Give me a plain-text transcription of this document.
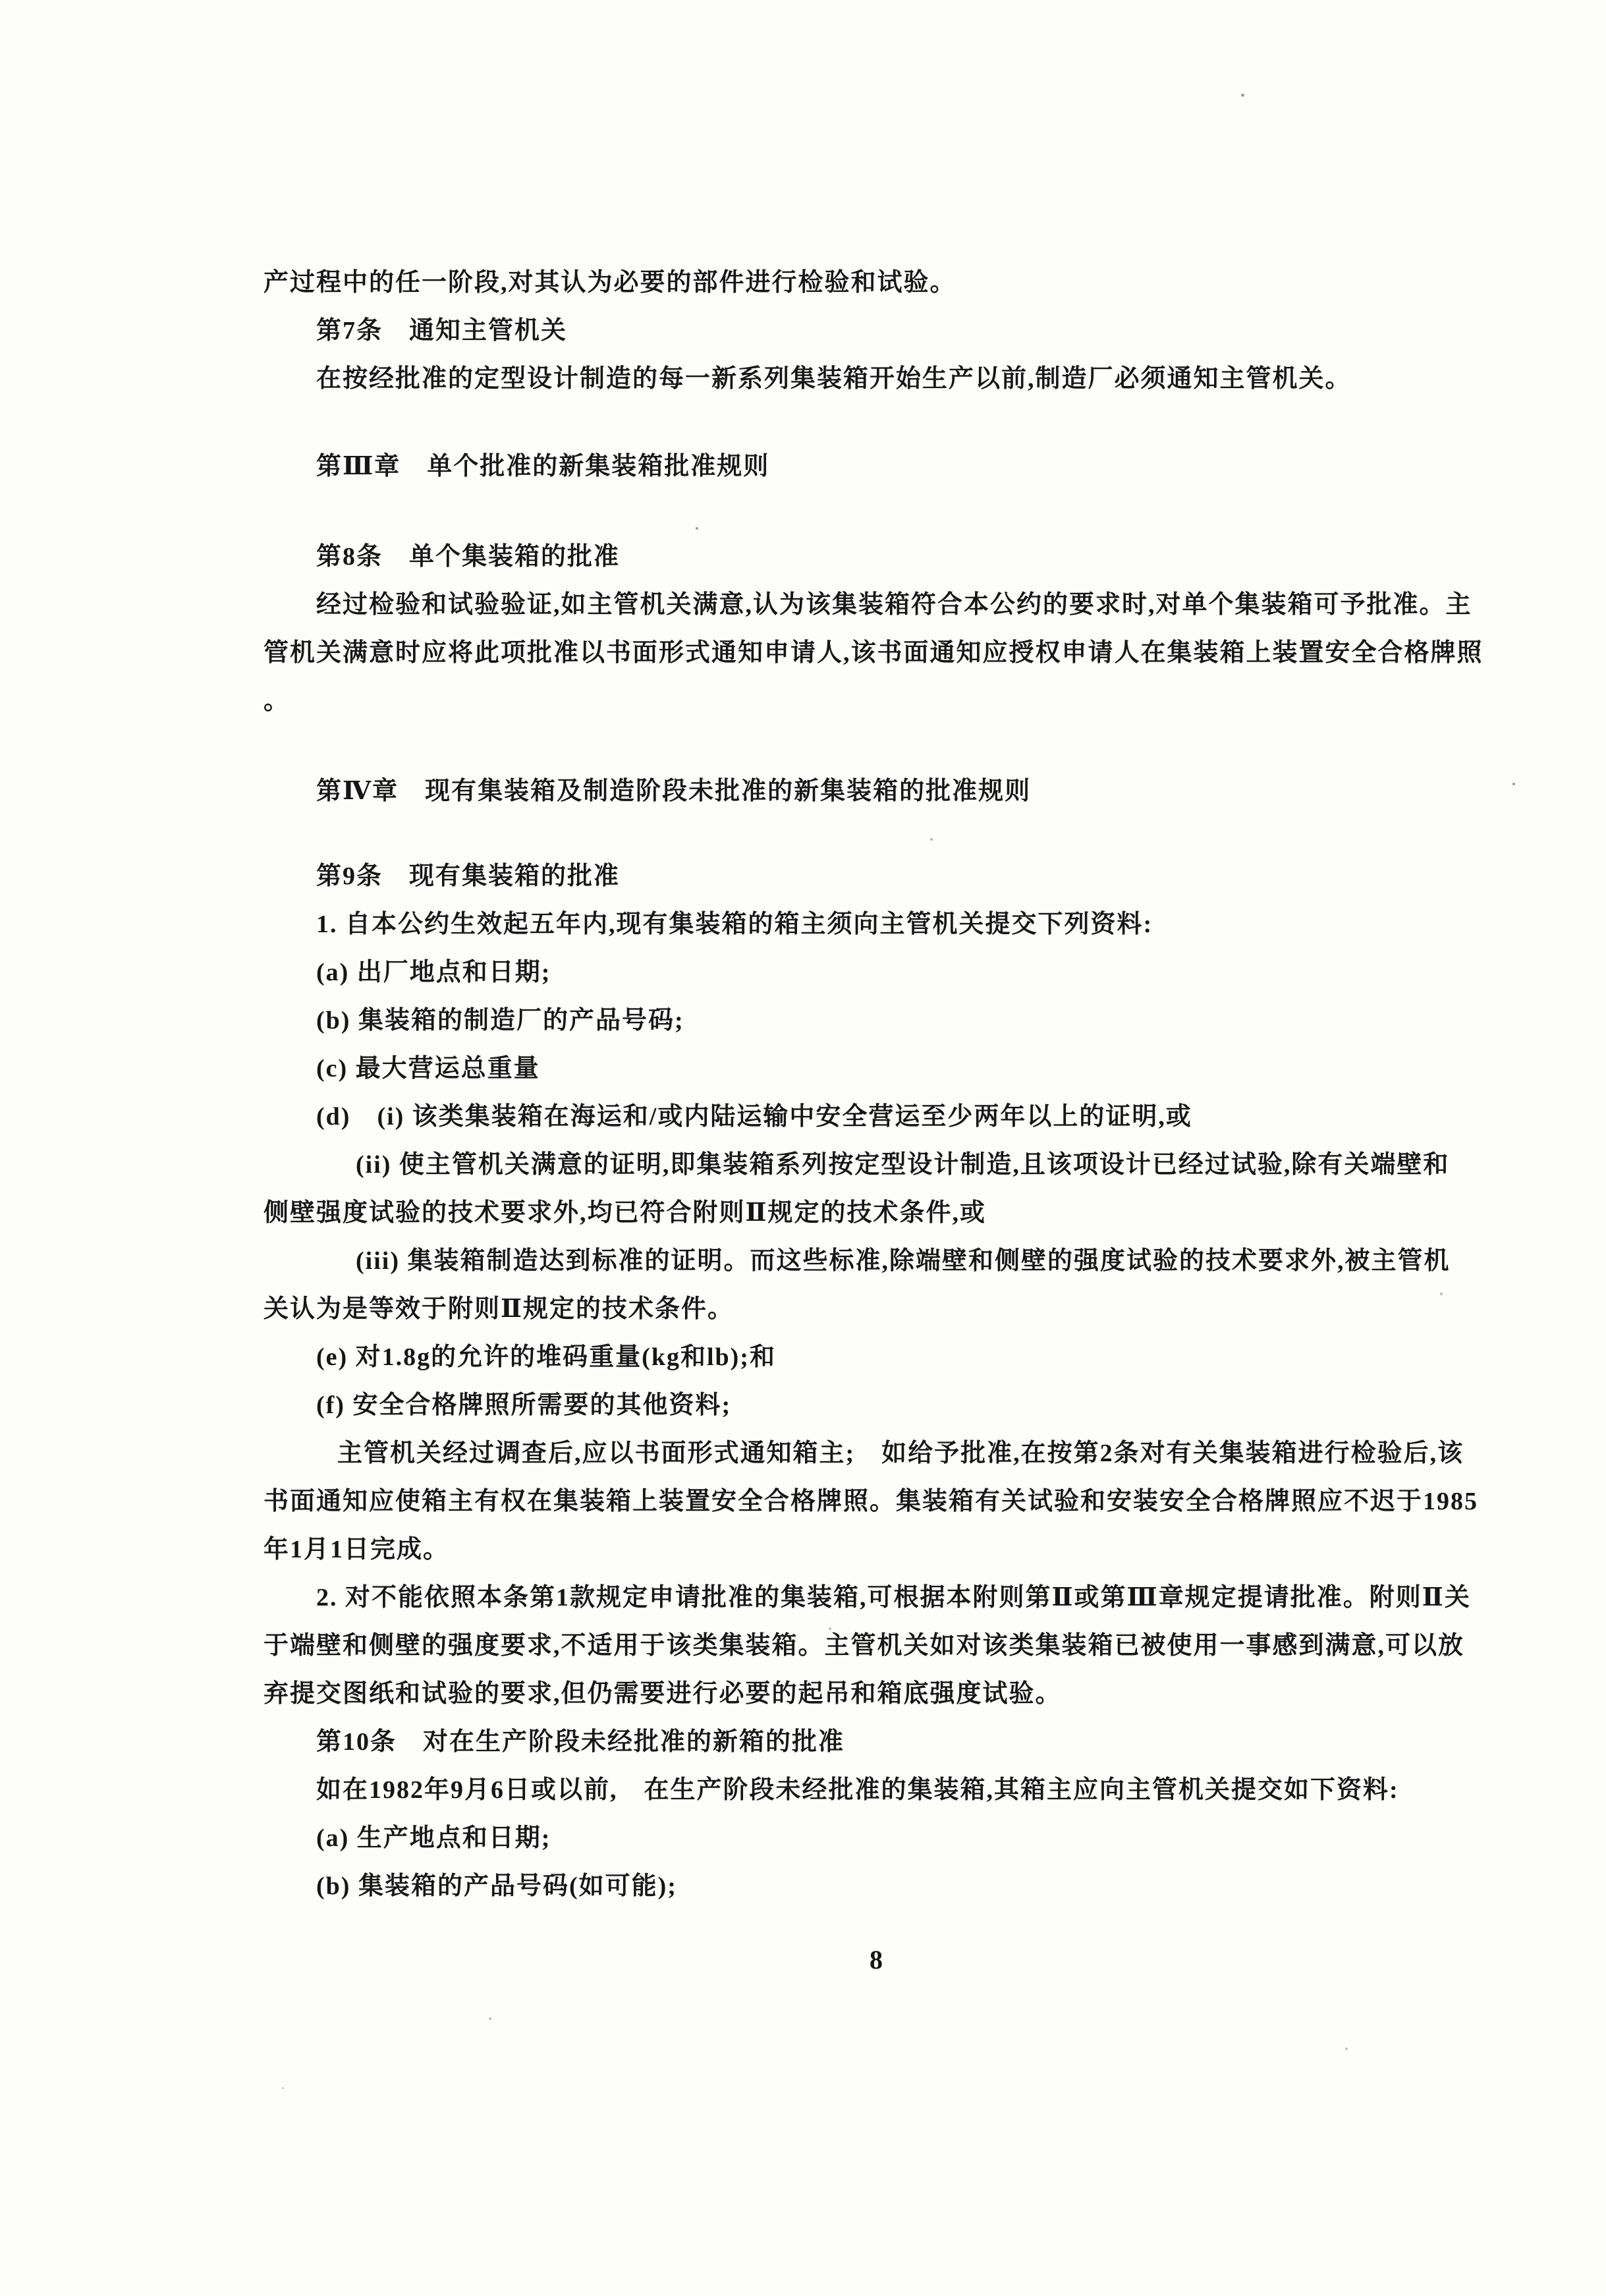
产过程中的任一阶段,对其认为必要的部件进行检验和试验。
第7条　通知主管机关
在按经批准的定型设计制造的每一新系列集装箱开始生产以前,制造厂必须通知主管机关。
第Ⅲ章　单个批准的新集装箱批准规则
第8条　单个集装箱的批准
经过检验和试验验证,如主管机关满意,认为该集装箱符合本公约的要求时,对单个集装箱可予批准。主
管机关满意时应将此项批准以书面形式通知申请人,该书面通知应授权申请人在集装箱上装置安全合格牌照
。
第Ⅳ章　现有集装箱及制造阶段未批准的新集装箱的批准规则
第9条　现有集装箱的批准
1. 自本公约生效起五年内,现有集装箱的箱主须向主管机关提交下列资料:
(a) 出厂地点和日期;
(b) 集装箱的制造厂的产品号码;
(c) 最大营运总重量
(d)　(i) 该类集装箱在海运和/或内陆运输中安全营运至少两年以上的证明,或
(ii) 使主管机关满意的证明,即集装箱系列按定型设计制造,且该项设计已经过试验,除有关端壁和
侧壁强度试验的技术要求外,均已符合附则Ⅱ规定的技术条件,或
(iii) 集装箱制造达到标准的证明。而这些标准,除端壁和侧壁的强度试验的技术要求外,被主管机
关认为是等效于附则Ⅱ规定的技术条件。
(e) 对1.8g的允许的堆码重量(kg和lb);和
(f) 安全合格牌照所需要的其他资料;
主管机关经过调查后,应以书面形式通知箱主;　如给予批准,在按第2条对有关集装箱进行检验后,该
书面通知应使箱主有权在集装箱上装置安全合格牌照。集装箱有关试验和安装安全合格牌照应不迟于1985
年1月1日完成。
2. 对不能依照本条第1款规定申请批准的集装箱,可根据本附则第Ⅱ或第Ⅲ章规定提请批准。附则Ⅱ关
于端壁和侧壁的强度要求,不适用于该类集装箱。主管机关如对该类集装箱已被使用一事感到满意,可以放
弃提交图纸和试验的要求,但仍需要进行必要的起吊和箱底强度试验。
第10条　对在生产阶段未经批准的新箱的批准
如在1982年9月6日或以前,　在生产阶段未经批准的集装箱,其箱主应向主管机关提交如下资料:
(a) 生产地点和日期;
(b) 集装箱的产品号码(如可能);
8
